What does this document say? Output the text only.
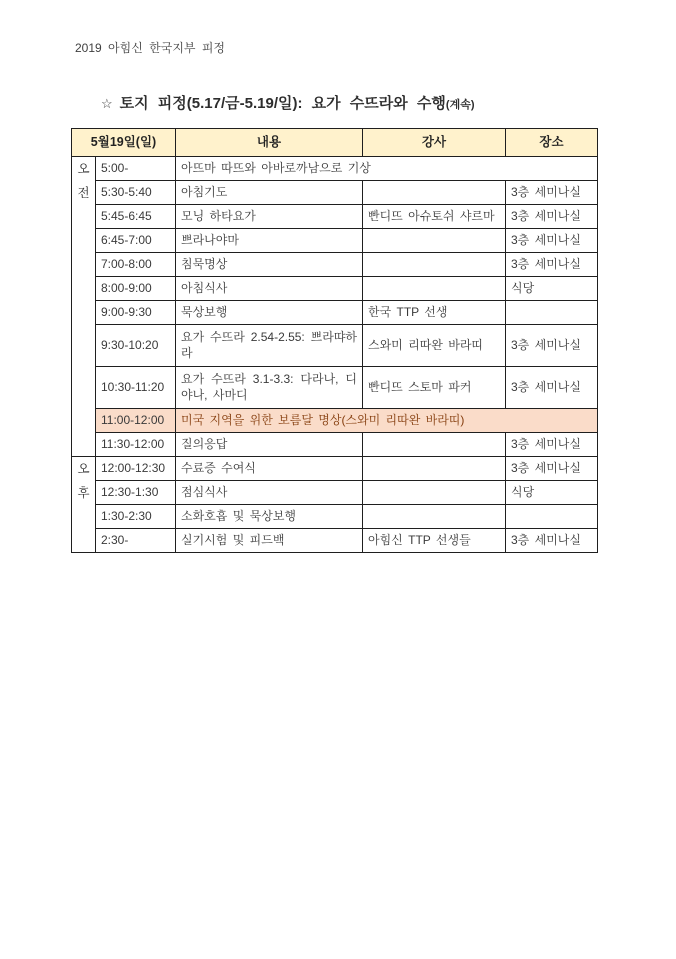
2019 아힘신 한국지부 피정
☆ 토지 피정(5.17/금-5.19/일): 요가 수뜨라와 수행(계속)
5월19일(일)		내용	강사	장소
오
전	5:00-	아뜨마 따뜨와 아바로까남으로 기상		
	5:30-5:40	아침기도		3층 세미나실
	5:45-6:45	모닝 하타요가	빤디뜨 아슈토쉬 샤르마	3층 세미나실
	6:45-7:00	쁘라나야마		3층 세미나실
	7:00-8:00	침묵명상		3층 세미나실
	8:00-9:00	아침식사		식당
	9:00-9:30	묵상보행	한국 TTP 선생	
	9:30-10:20	요가 수뜨라 2.54-2.55: 쁘라땨하라	스와미 리따완 바라띠	3층 세미나실
	10:30-11:20	요가 수뜨라 3.1-3.3: 다라나, 디야나, 사마디	빤디뜨 스토마 파커	3층 세미나실
	11:00-12:00	미국 지역을 위한 보름달 명상(스와미 리따완 바라띠)		
	11:30-12:00	질의응답		3층 세미나실
오
후	12:00-12:30	수료증 수여식		3층 세미나실
	12:30-1:30	점심식사		식당
	1:30-2:30	소화호흡 및 묵상보행		
	2:30-	실기시험 및 피드백	아힘신 TTP 선생들	3층 세미나실
